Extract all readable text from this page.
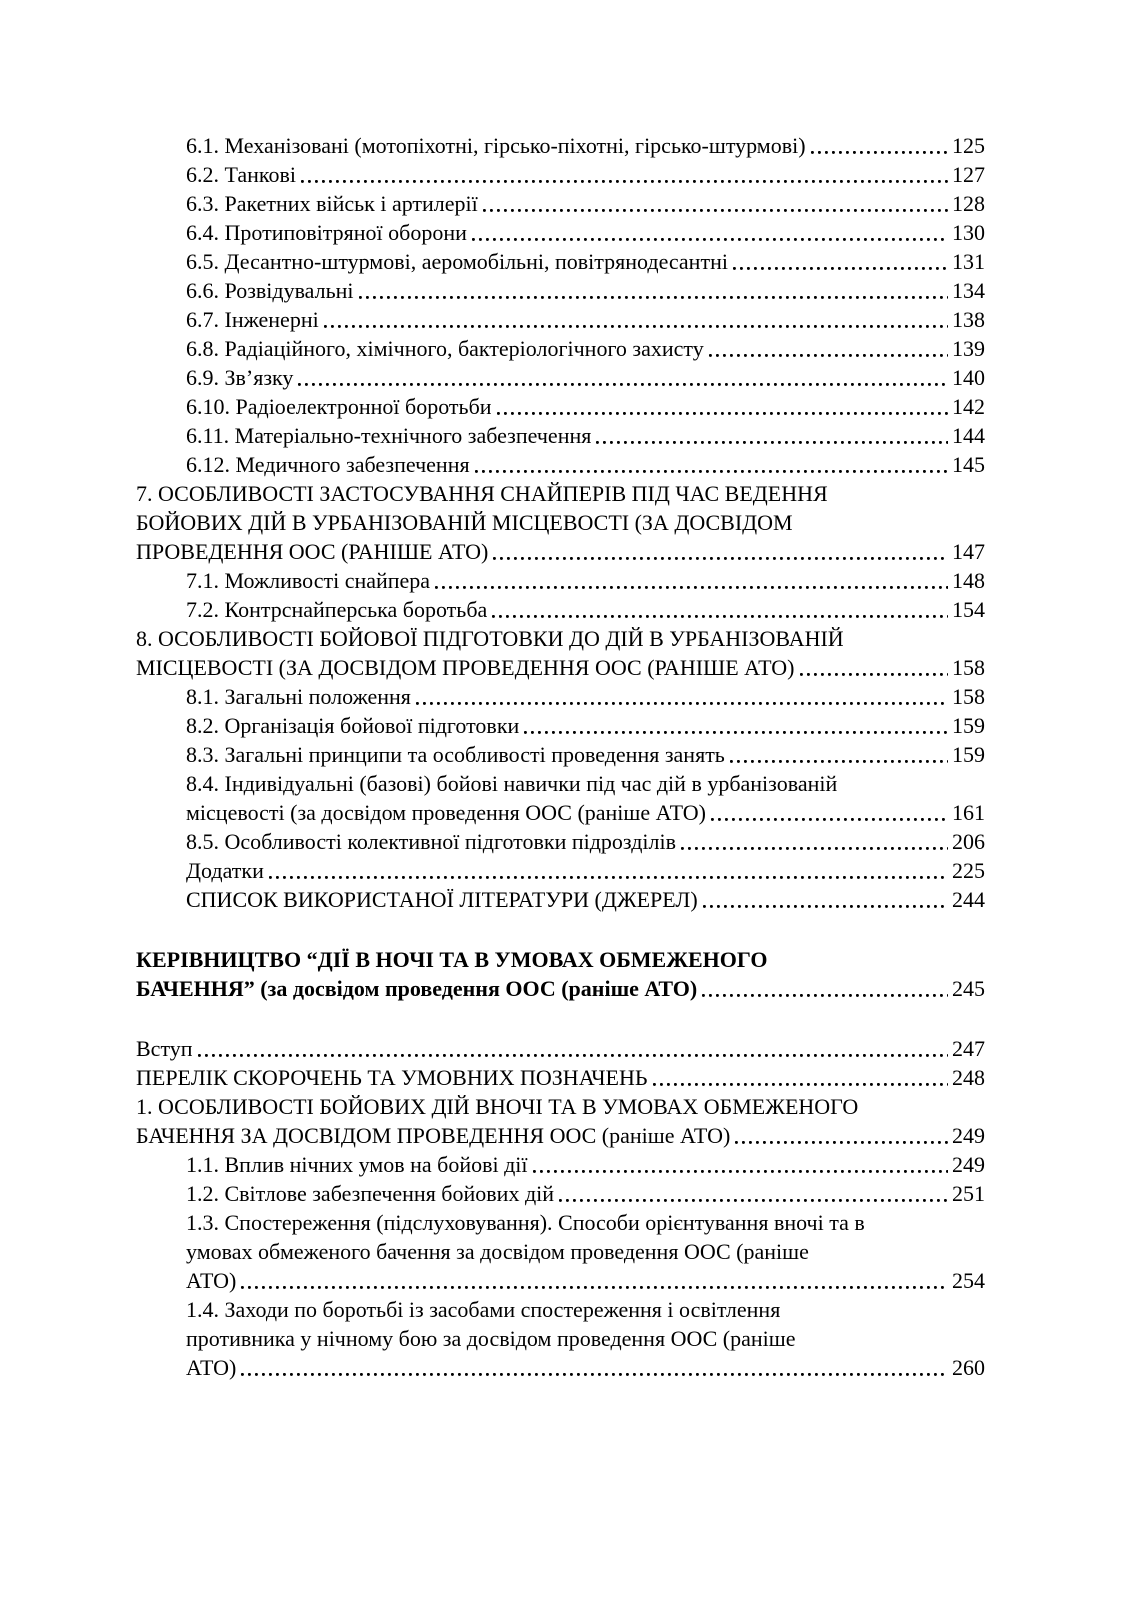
6.1. Механізовані (мотопіхотні, гірсько-піхотні, гірсько-штурмові)	125
6.2. Танкові	127
6.3. Ракетних військ і артилерії	128
6.4. Протиповітряної оборони	130
6.5. Десантно-штурмові, аеромобільні, повітрянодесантні	131
6.6. Розвідувальні	134
6.7. Інженерні	138
6.8. Радіаційного, хімічного, бактеріологічного захисту	139
6.9. Зв’язку	140
6.10. Радіоелектронної боротьби	142
6.11. Матеріально-технічного забезпечення	144
6.12. Медичного забезпечення	145
7. ОСОБЛИВОСТІ ЗАСТОСУВАННЯ СНАЙПЕРІВ ПІД ЧАС ВЕДЕННЯ
БОЙОВИХ ДІЙ В УРБАНІЗОВАНІЙ МІСЦЕВОСТІ (ЗА ДОСВІДОМ
ПРОВЕДЕННЯ ООС (РАНІШЕ АТО)	147
7.1. Можливості снайпера	148
7.2. Контрснайперська боротьба	154
8. ОСОБЛИВОСТІ БОЙОВОЇ ПІДГОТОВКИ ДО ДІЙ В УРБАНІЗОВАНІЙ
МІСЦЕВОСТІ (ЗА ДОСВІДОМ ПРОВЕДЕННЯ ООС (РАНІШЕ АТО)	158
8.1. Загальні положення	158
8.2. Організація бойової підготовки	159
8.3. Загальні принципи та особливості проведення занять	159
8.4. Індивідуальні (базові) бойові навички під час дій в урбанізованій
місцевості (за досвідом проведення ООС (раніше АТО)	161
8.5. Особливості колективної підготовки підрозділів	206
Додатки	225
СПИСОК ВИКОРИСТАНОЇ ЛІТЕРАТУРИ (ДЖЕРЕЛ)	244
КЕРІВНИЦТВО “ДІЇ В НОЧІ ТА В УМОВАХ ОБМЕЖЕНОГО
БАЧЕННЯ” (за досвідом проведення ООС (раніше АТО)	245
Вступ	247
ПЕРЕЛІК СКОРОЧЕНЬ ТА УМОВНИХ ПОЗНАЧЕНЬ	248
1. ОСОБЛИВОСТІ БОЙОВИХ ДІЙ ВНОЧІ ТА В УМОВАХ ОБМЕЖЕНОГО
БАЧЕННЯ ЗА ДОСВІДОМ ПРОВЕДЕННЯ ООС (раніше АТО)	249
1.1. Вплив нічних умов на бойові дії	249
1.2. Світлове забезпечення бойових дій	251
1.3. Спостереження (підслуховування). Способи орієнтування вночі та в
умовах обмеженого бачення за досвідом проведення ООС (раніше
АТО)	254
1.4. Заходи по боротьбі із засобами спостереження і освітлення
противника у нічному бою за досвідом проведення ООС (раніше
АТО)	260
